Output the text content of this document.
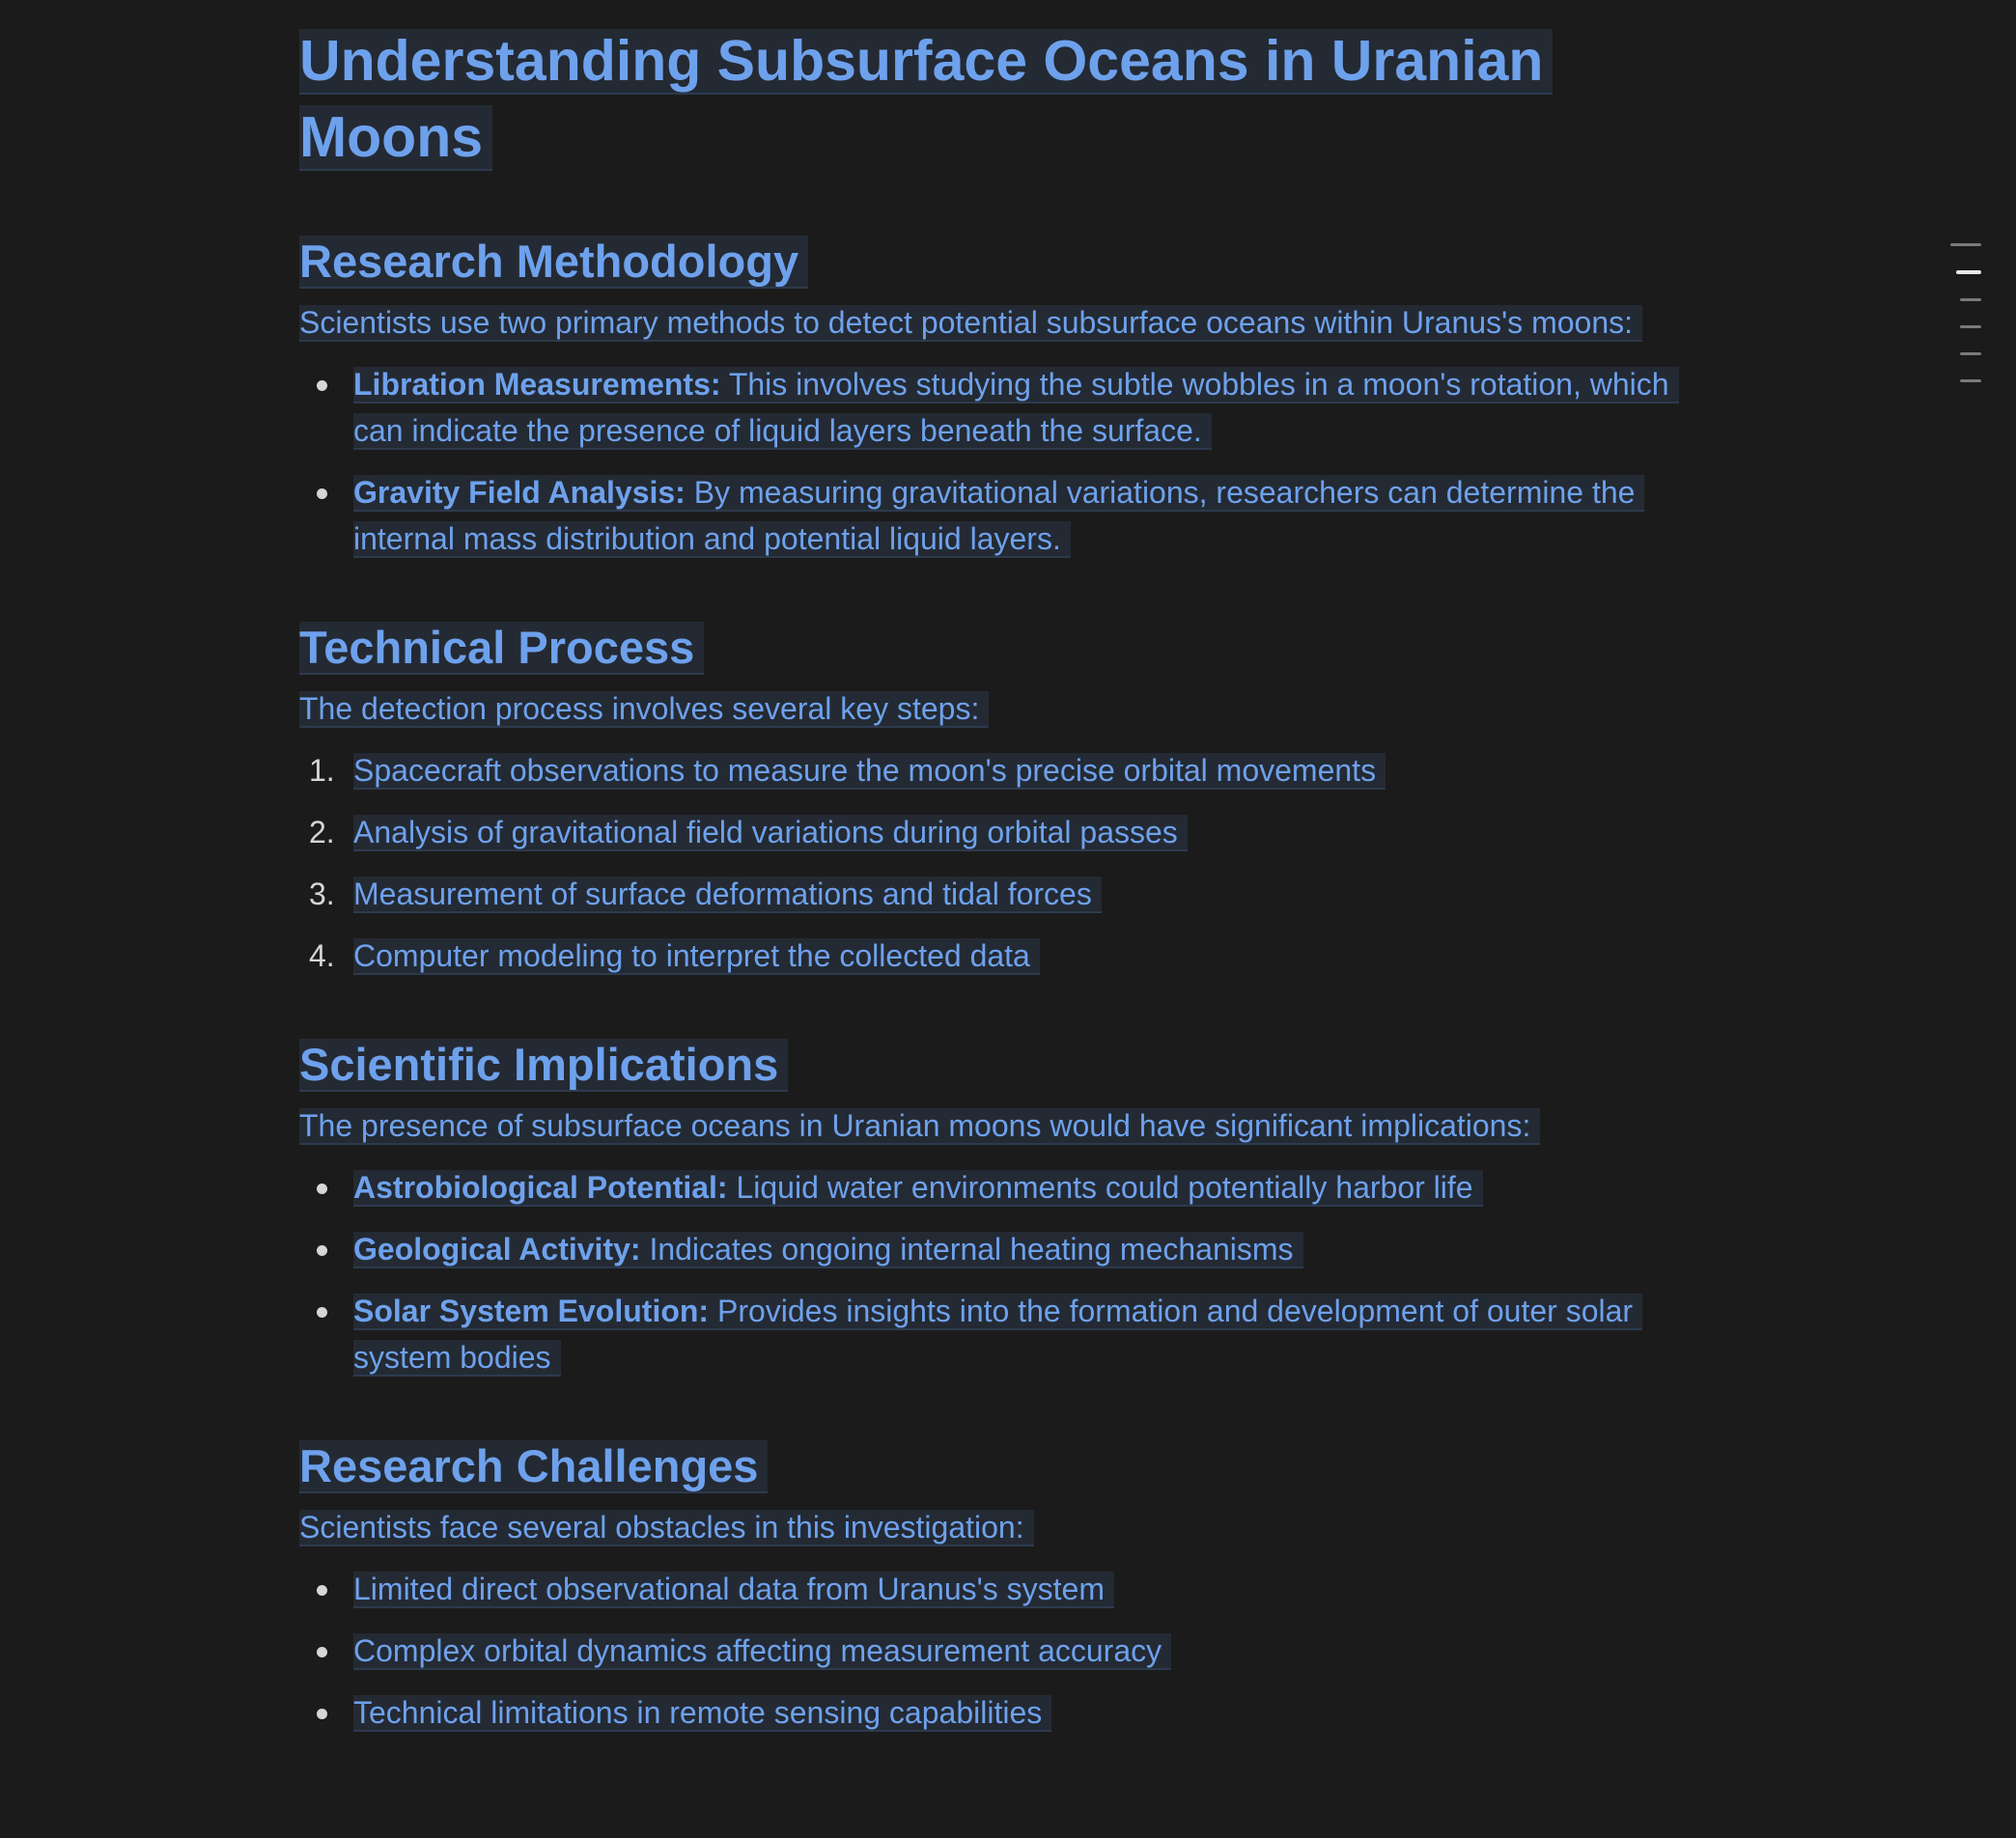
Understanding Subsurface Oceans in Uranian Moons
Research Methodology

Scientists use two primary methods to detect potential subsurface oceans within Uranus's moons:

Libration Measurements: This involves studying the subtle wobbles in a moon's rotation, which can indicate the presence of liquid layers beneath the surface.
Gravity Field Analysis: By measuring gravitational variations, researchers can determine the internal mass distribution and potential liquid layers.
Technical Process

The detection process involves several key steps:

1. Spacecraft observations to measure the moon's precise orbital movements
2. Analysis of gravitational field variations during orbital passes
3. Measurement of surface deformations and tidal forces
4. Computer modeling to interpret the collected data
Scientific Implications

The presence of subsurface oceans in Uranian moons would have significant implications:

Astrobiological Potential: Liquid water environments could potentially harbor life
Geological Activity: Indicates ongoing internal heating mechanisms
Solar System Evolution: Provides insights into the formation and development of outer solar system bodies
Research Challenges

Scientists face several obstacles in this investigation:

Limited direct observational data from Uranus's system
Complex orbital dynamics affecting measurement accuracy
Technical limitations in remote sensing capabilities
